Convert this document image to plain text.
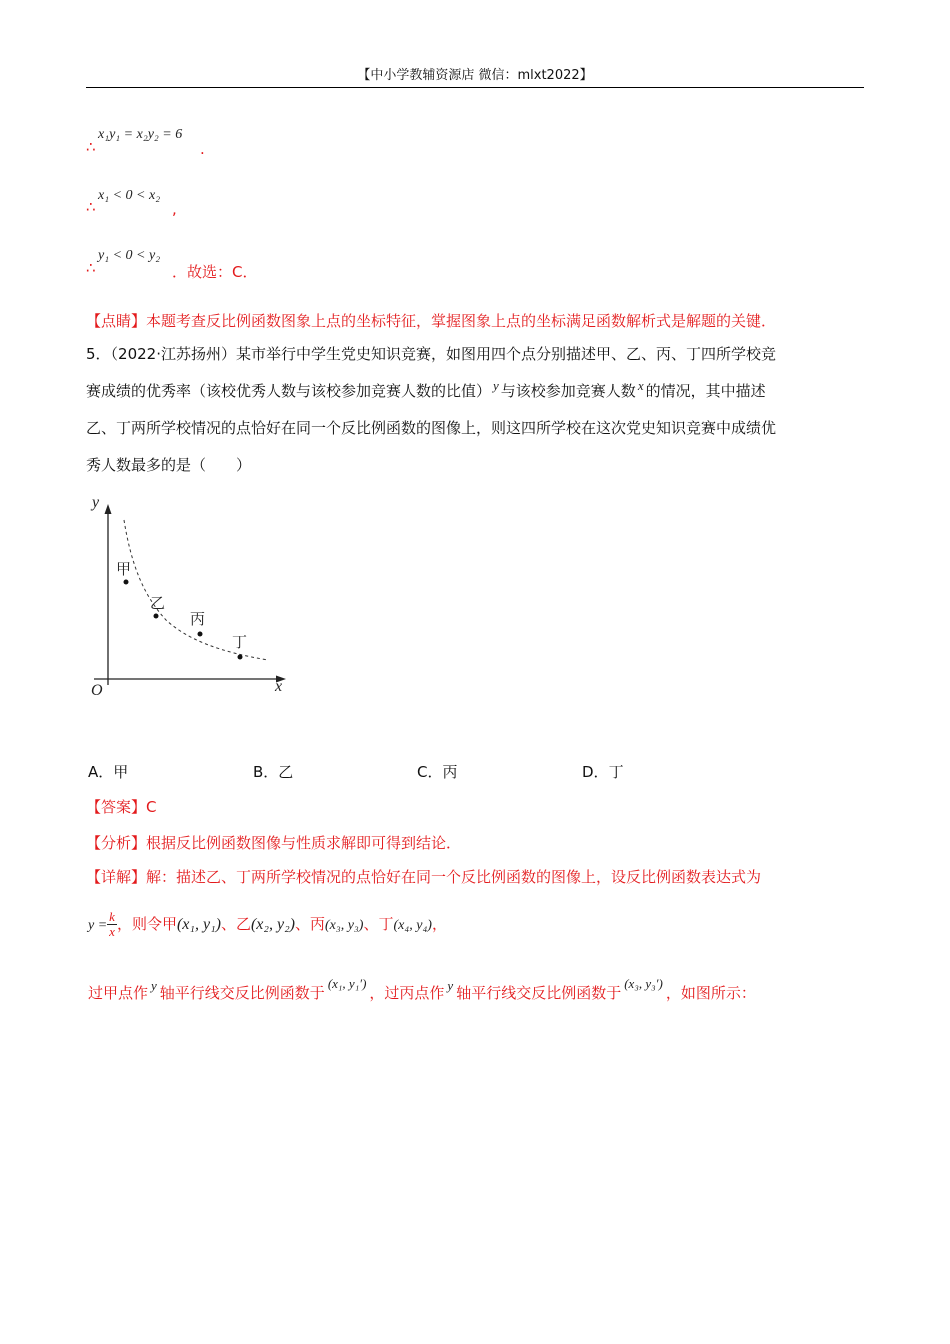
【中小学教辅资源店 微信：mlxt2022】
x₁y₁ = x₂y₂ = 6
∴	.
x₁ < 0 < x₂
∴	,
y₁ < 0 < y₂
∴	．故选：C．
【点睛】本题考查反比例函数图象上点的坐标特征，掌握图象上点的坐标满足函数解析式是解题的关键．
5．（2022·江苏扬州）某市举行中学生党史知识竞赛，如图用四个点分别描述甲、乙、丙、丁四所学校竞
赛成绩的优秀率（该校优秀人数与该校参加竞赛人数的比值） y 与该校参加竞赛人数 x 的情况，其中描述
乙、丁两所学校情况的点恰好在同一个反比例函数的图像上，则这四所学校在这次党史知识竞赛中成绩优
秀人数最多的是（　　）
y
x
O
甲
乙
丙
丁
A．甲	B．乙	C．丙	D．丁
【答案】C
【分析】根据反比例函数图像与性质求解即可得到结论．
【详解】解：描述乙、丁两所学校情况的点恰好在同一个反比例函数的图像上，设反比例函数表达式为
$y = \frac{k}{x}$ ，则令甲(x₁, y₁)、乙(x₂, y₂)、丙(x₃, y₃)、丁(x₄, y₄)，
过甲点作 y 轴平行线交反比例函数于(x₁, y₁′)，过丙点作 y 轴平行线交反比例函数于(x₃, y₃′)，如图所示：
